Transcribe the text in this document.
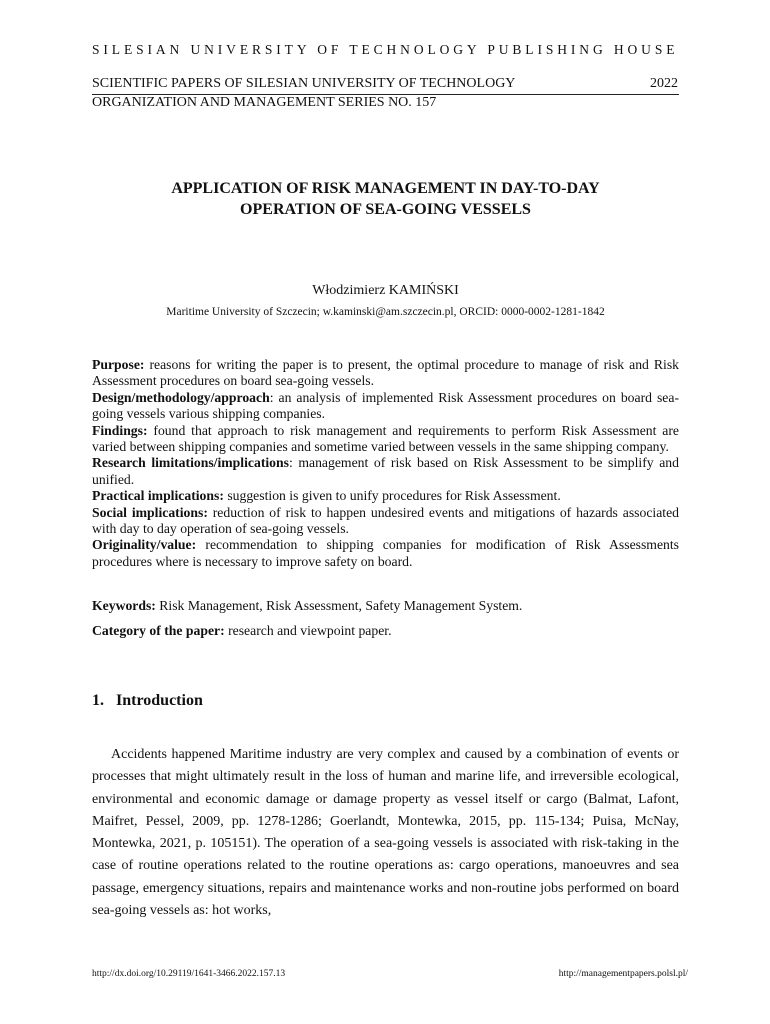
SILESIAN UNIVERSITY OF TECHNOLOGY PUBLISHING HOUSE
SCIENTIFIC PAPERS OF SILESIAN UNIVERSITY OF TECHNOLOGY	2022
ORGANIZATION AND MANAGEMENT SERIES NO. 157
APPLICATION OF RISK MANAGEMENT IN DAY-TO-DAY
OPERATION OF SEA-GOING VESSELS
Włodzimierz KAMIŃSKI
Maritime University of Szczecin; w.kaminski@am.szczecin.pl, ORCID: 0000-0002-1281-1842

Purpose: reasons for writing the paper is to present, the optimal procedure to manage of risk and Risk Assessment procedures on board sea-going vessels.

Design/methodology/approach: an analysis of implemented Risk Assessment procedures on board sea-going vessels various shipping companies.

Findings: found that approach to risk management and requirements to perform Risk Assessment are varied between shipping companies and sometime varied between vessels in the same shipping company.

Research limitations/implications: management of risk based on Risk Assessment to be simplify and unified.

Practical implications: suggestion is given to unify procedures for Risk Assessment.

Social implications: reduction of risk to happen undesired events and mitigations of hazards associated with day to day operation of sea-going vessels.

Originality/value: recommendation to shipping companies for modification of Risk Assessments procedures where is necessary to improve safety on board.

Keywords: Risk Management, Risk Assessment, Safety Management System.

Category of the paper: research and viewpoint paper.

1. Introduction

Accidents happened Maritime industry are very complex and caused by a combination of events or processes that might ultimately result in the loss of human and marine life, and irreversible ecological, environmental and economic damage or damage property as vessel itself or cargo (Balmat, Lafont, Maifret, Pessel, 2009, pp. 1278-1286; Goerlandt, Montewka, 2015, pp. 115-134; Puisa, McNay, Montewka, 2021, p. 105151). The operation of a sea-going vessels is associated with risk-taking in the case of routine operations related to the routine operations as: cargo operations, manoeuvres and sea passage, emergency situations, repairs and maintenance works and non-routine jobs performed on board sea-going vessels as: hot works,

http://dx.doi.org/10.29119/1641-3466.2022.157.13	http://managementpapers.polsl.pl/
